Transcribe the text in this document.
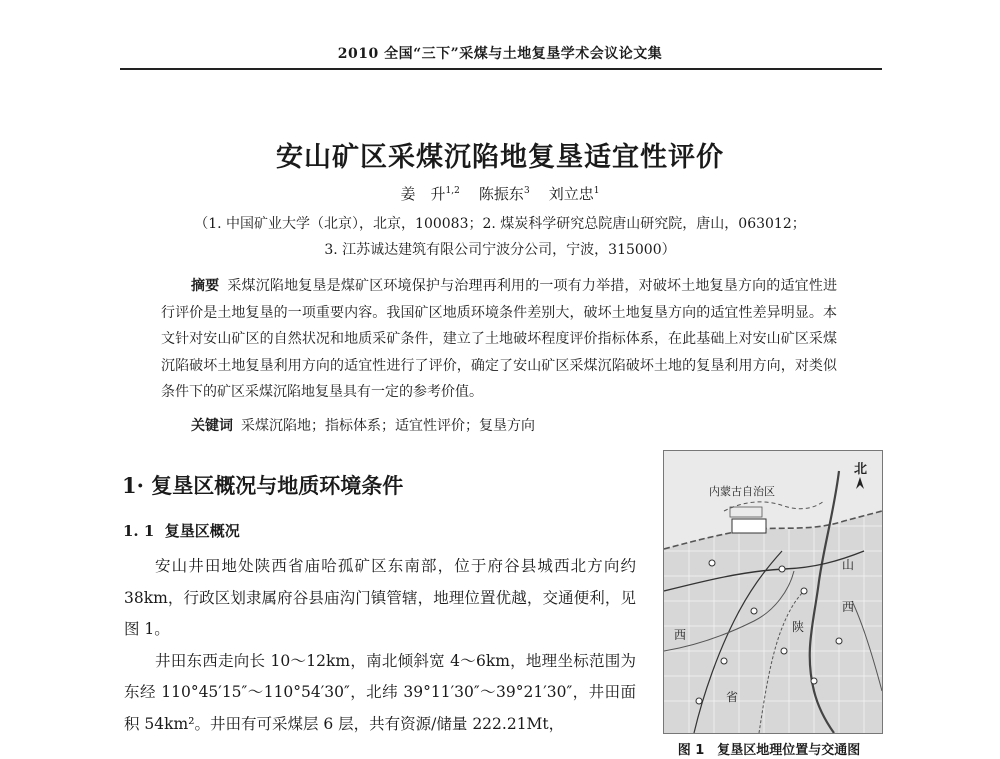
2010 全国“三下”采煤与土地复垦学术会议论文集
安山矿区采煤沉陷地复垦适宜性评价
姜　升$^{1,2}$ 陈振东$^3$ 刘立忠$^1$
（1. 中国矿业大学（北京），北京，100083；2. 煤炭科学研究总院唐山研究院，唐山，063012；
3. 江苏诚达建筑有限公司宁波分公司，宁波，315000）
摘要 采煤沉陷地复垦是煤矿区环境保护与治理再利用的一项有力举措，对破坏土地复垦方向的适宜性进行评价是土地复垦的一项重要内容。我国矿区地质环境条件差别大，破坏土地复垦方向的适宜性差异明显。本文针对安山矿区的自然状况和地质采矿条件，建立了土地破坏程度评价指标体系，在此基础上对安山矿区采煤沉陷破坏土地复垦利用方向的适宜性进行了评价，确定了安山矿区采煤沉陷破坏土地的复垦利用方向，对类似条件下的矿区采煤沉陷地复垦具有一定的参考价值。
关键词 采煤沉陷地；指标体系；适宜性评价；复垦方向
1· 复垦区概况与地质环境条件
1. 1 复垦区概况

安山井田地处陕西省庙哈孤矿区东南部，位于府谷县城西北方向约 38km，行政区划隶属府谷县庙沟门镇管辖，地理位置优越，交通便利，见图 1。

井田东西走向长 10～12km，南北倾斜宽 4～6km，地理坐标范围为东经 110°45′15″～110°54′30″，北纬 39°11′30″～39°21′30″，井田面积 54km²。井田有可采煤层 6 层，共有资源/储量 222.21Mt，

内蒙古自治区
北
山
西
陕
西
省
图 1　复垦区地理位置与交通图
